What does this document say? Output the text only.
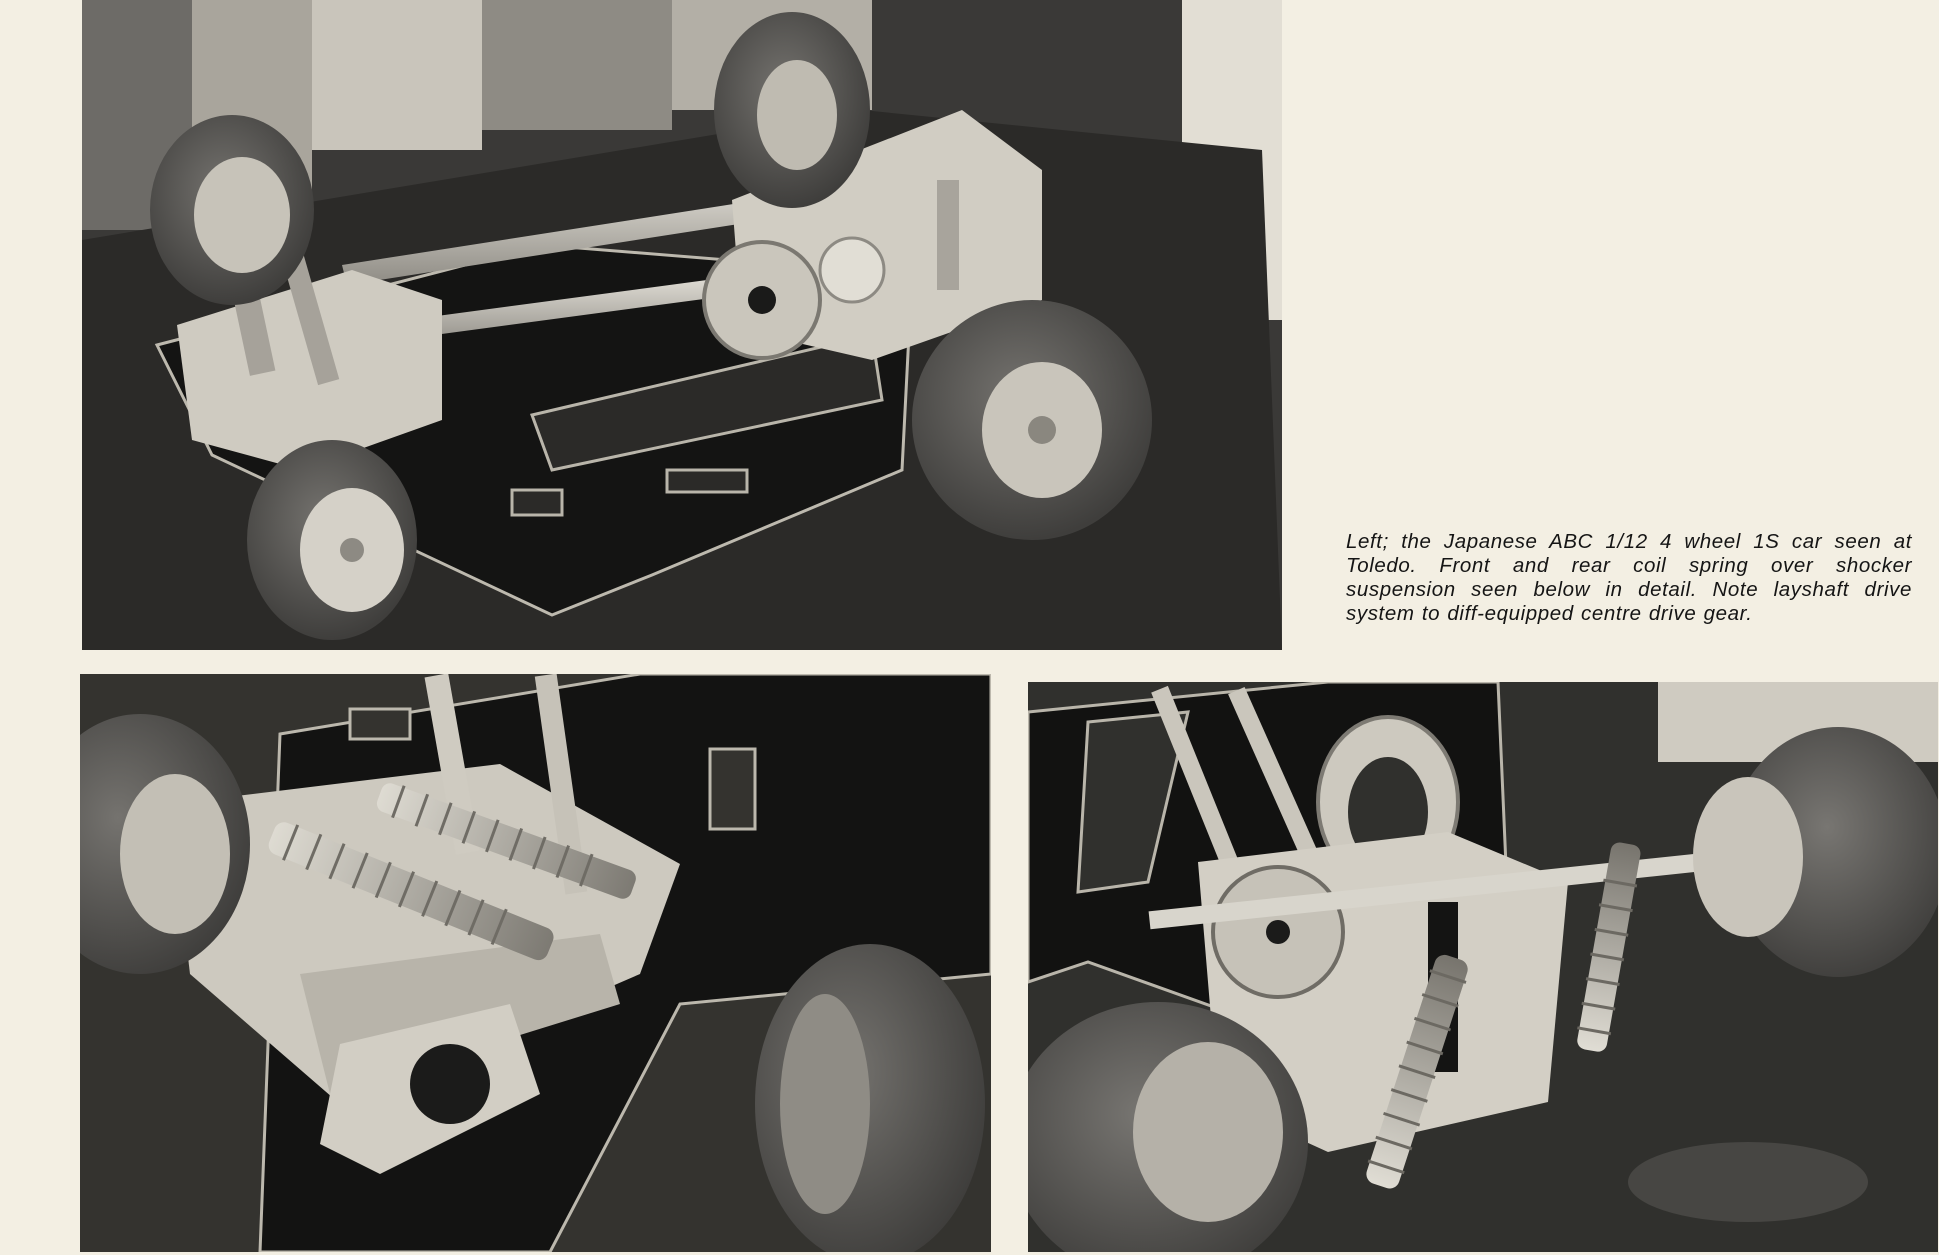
Left; the Japanese ABC 1/12 4 wheel 1S car seen at Toledo. Front and rear coil spring over shocker suspension seen below in detail. Note layshaft drive system to diff-equipped centre drive gear.
